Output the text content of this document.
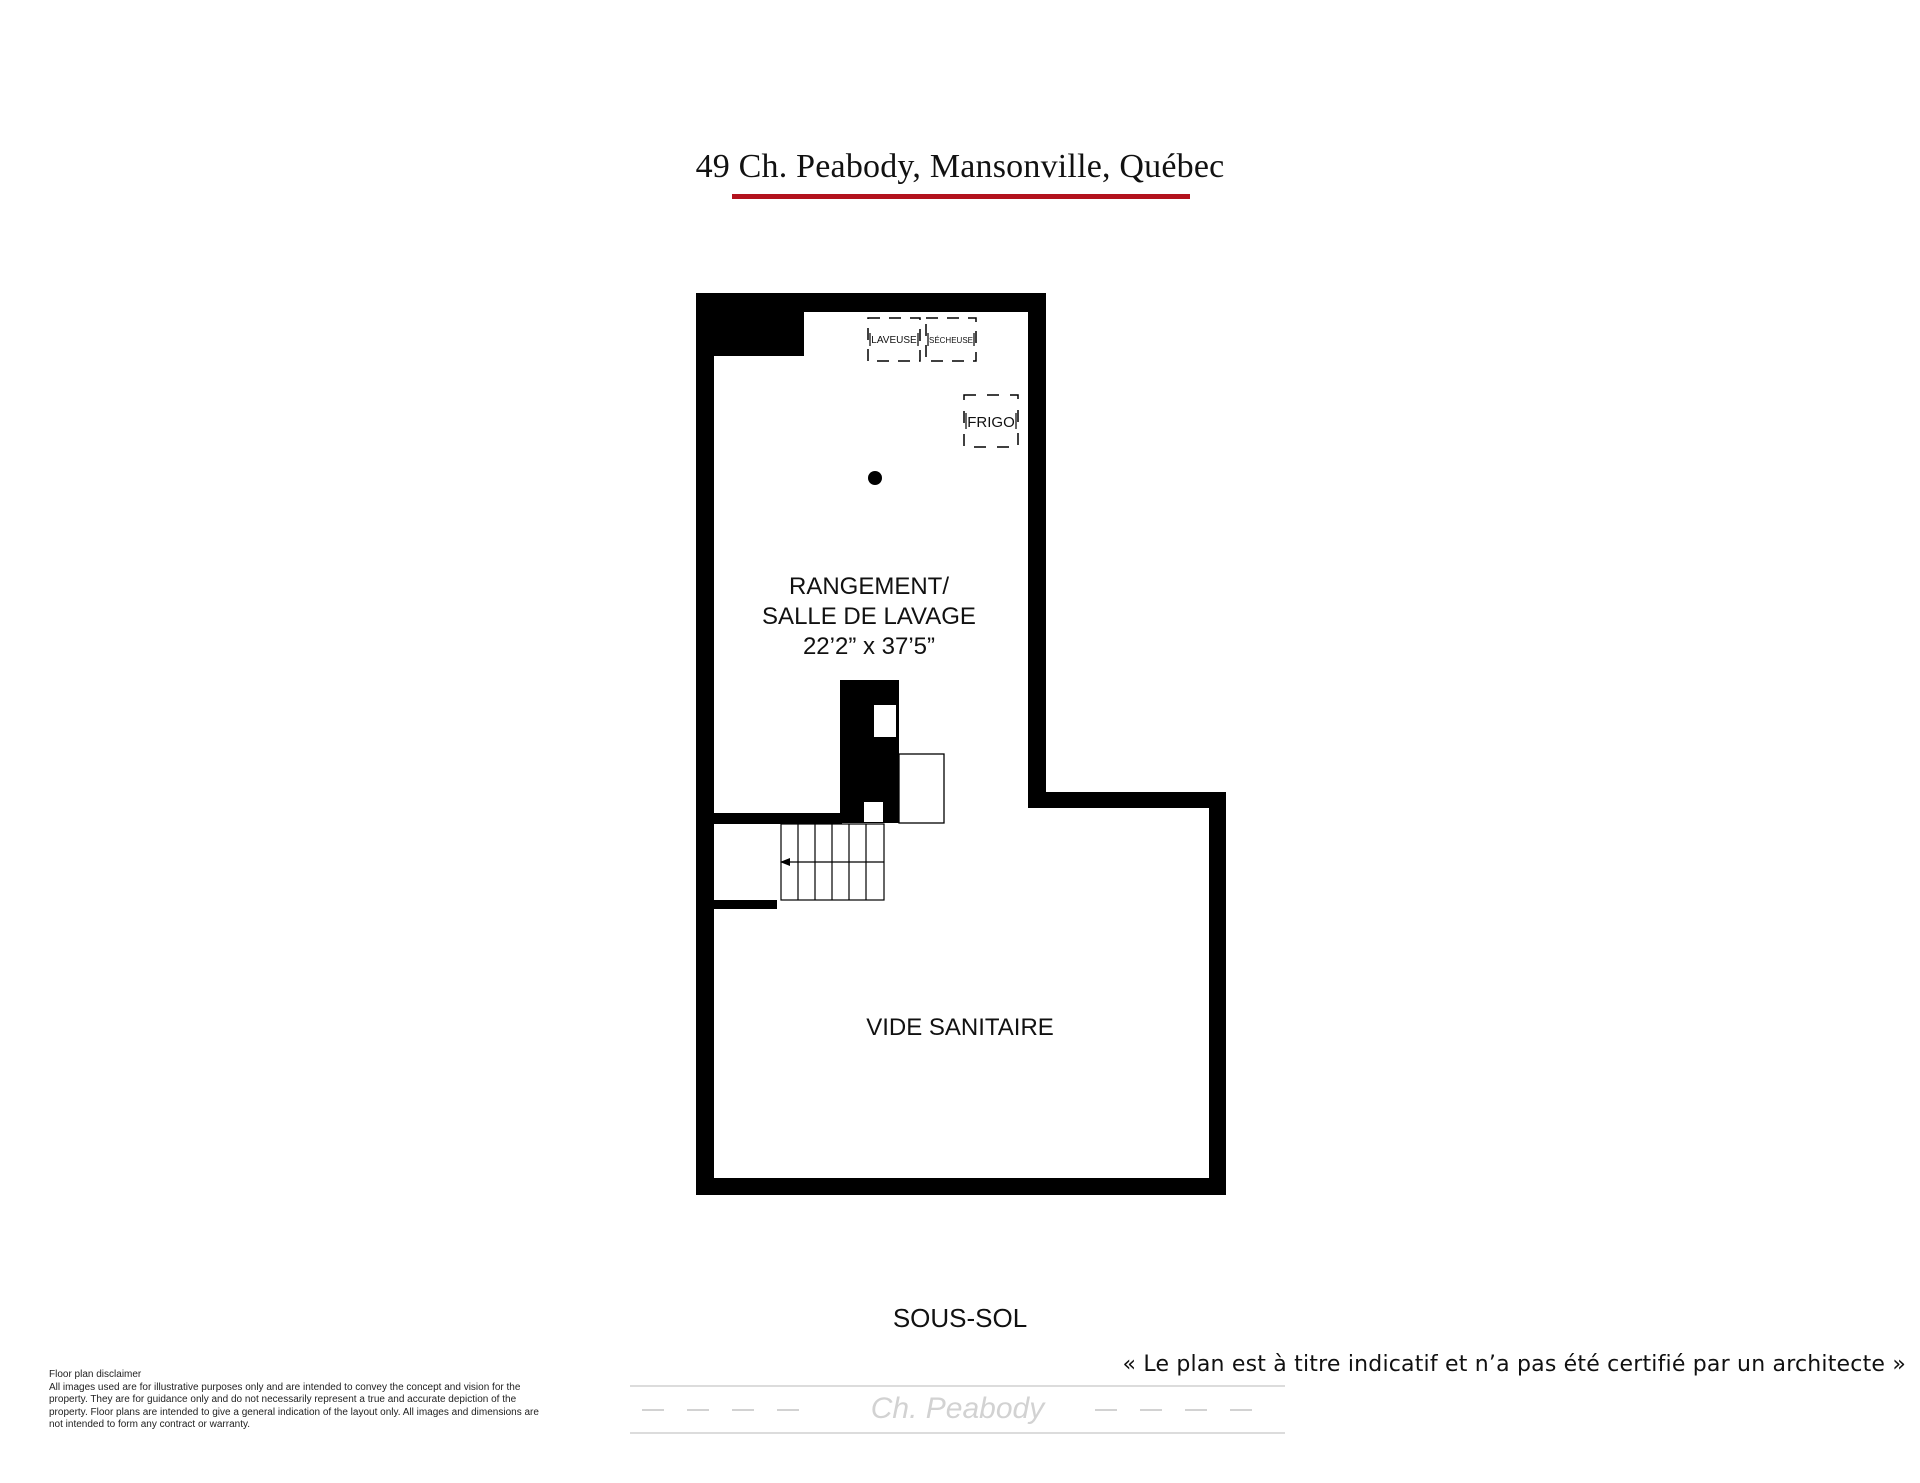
49 Ch. Peabody, Mansonville, Québec
LAVEUSE SÉCHEUSE
FRIGO
RANGEMENT/
SALLE DE LAVAGE
22’2” x 37’5”
VIDE SANITAIRE
SOUS-SOL
« Le plan est à titre indicatif et n’a pas été certifié par un architecte »
Ch. Peabody
Floor plan disclaimer
All images used are for illustrative purposes only and are intended to convey the concept and vision for the property. They are for guidance only and do not necessarily represent a true and accurate depiction of the property. Floor plans are intended to give a general indication of the layout only. All images and dimensions are not intended to form any contract or warranty.
